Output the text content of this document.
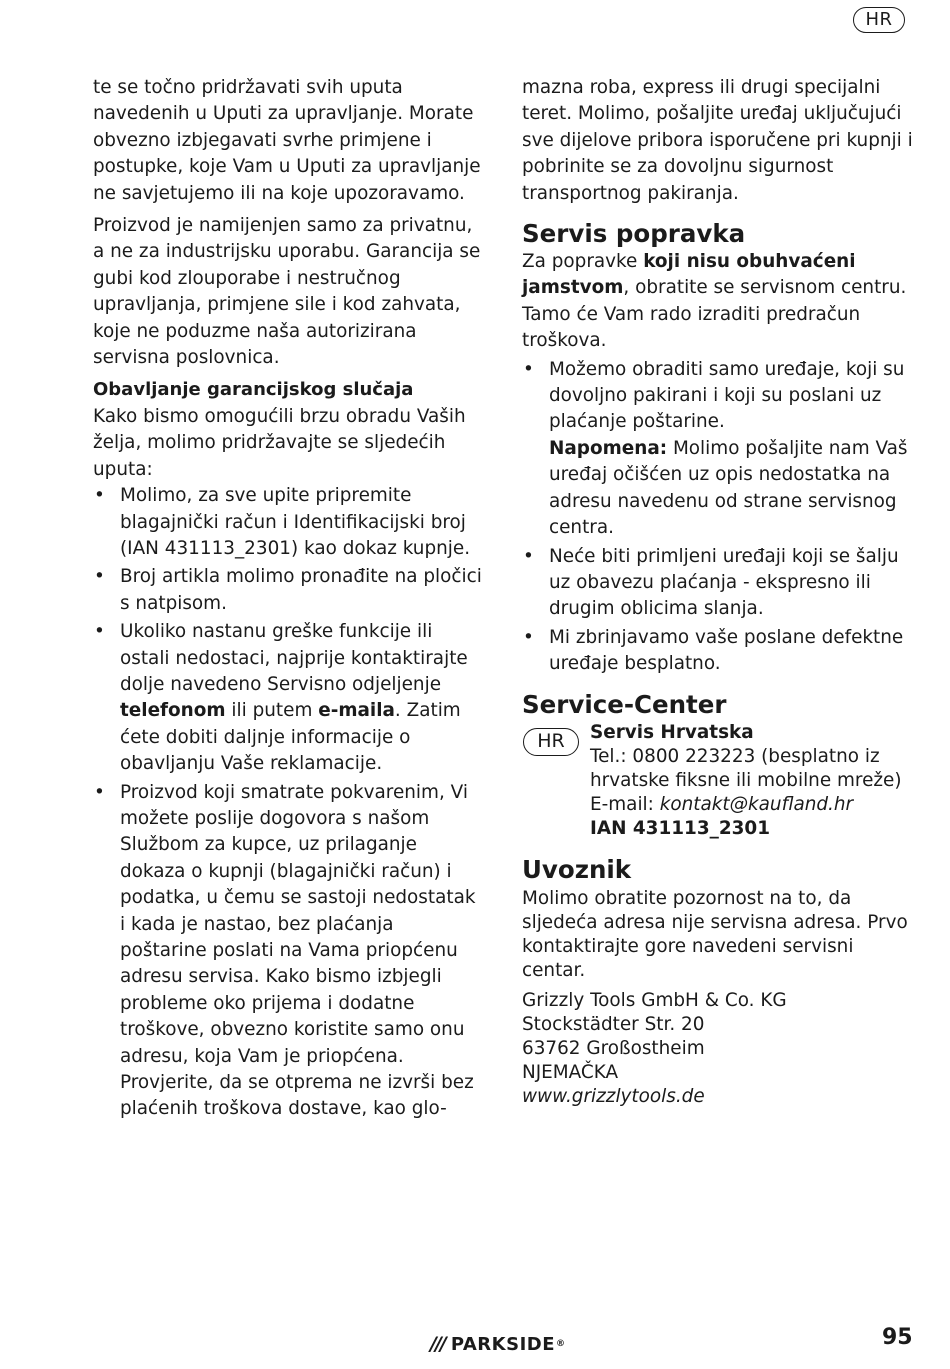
HR

te se točno pridržavati svih uputa navedenih u Uputi za upravljanje. Morate obvezno izbjegavati svrhe primjene i postupke, koje Vam u Uputi za upravljanje ne savjetujemo ili na koje upozoravamo.

Proizvod je namijenjen samo za privatnu, a ne za industrijsku uporabu. Garancija se gubi kod zlouporabe i nestručnog upravljanja, primjene sile i kod zahvata, koje ne poduzme naša autorizirana servisna poslovnica.

Obavljanje garancijskog slučaja

Kako bismo omogućili brzu obradu Vaših želja, molimo pridržavajte se sljedećih uputa:

• Molimo, za sve upite pripremite blagajnički račun i Identifikacijski broj (IAN 431113_2301) kao dokaz kupnje.
• Broj artikla molimo pronađite na pločici s natpisom.
• Ukoliko nastanu greške funkcije ili ostali nedostaci, najprije kontaktirajte dolje navedeno Servisno odjeljenje telefonom ili putem e-maila. Zatim ćete dobiti daljnje informacije o obavljanju Vaše reklamacije.
• Proizvod koji smatrate pokvarenim, Vi možete poslije dogovora s našom Službom za kupce, uz prilaganje dokaza o kupnji (blagajnički račun) i podatka, u čemu se sastoji nedostatak i kada je nastao, bez plaćanja poštarine poslati na Vama priopćenu adresu servisa. Kako bismo izbjegli probleme oko prijema i dodatne troškove, obvezno koristite samo onu adresu, koja Vam je priopćena. Provjerite, da se otprema ne izvrši bez plaćenih troškova dostave, kao glo-

mazna roba, express ili drugi specijalni teret. Molimo, pošaljite uređaj uključujući sve dijelove pribora isporučene pri kupnji i pobrinite se za dovoljnu sigurnost transportnog pakiranja.

Servis popravka

Za popravke koji nisu obuhvaćeni jamstvom, obratite se servisnom centru. Tamo će Vam rado izraditi predračun troškova.

• Možemo obraditi samo uređaje, koji su dovoljno pakirani i koji su poslani uz plaćanje poštarine.
Napomena: Molimo pošaljite nam Vaš uređaj očišćen uz opis nedostatka na adresu navedenu od strane servisnog centra.
• Neće biti primljeni uređaji koji se šalju uz obavezu plaćanja - ekspresno ili drugim oblicima slanja.
• Mi zbrinjavamo vaše poslane defektne uređaje besplatno.
Service-Center
HR	Servis Hrvatska
Tel.: 0800 223223 (besplatno iz hrvatske fiksne ili mobilne mreže)
E-mail: kontakt@kaufland.hr
IAN 431113_2301
Uvoznik

Molimo obratite pozornost na to, da sljedeća adresa nije servisna adresa. Prvo kontaktirajte gore navedeni servisni centar.

Grizzly Tools GmbH & Co. KG
Stockstädter Str. 20
63762 Großostheim
NJEMAČKA
www.grizzlytools.de
/// PARKSIDE ®	95
